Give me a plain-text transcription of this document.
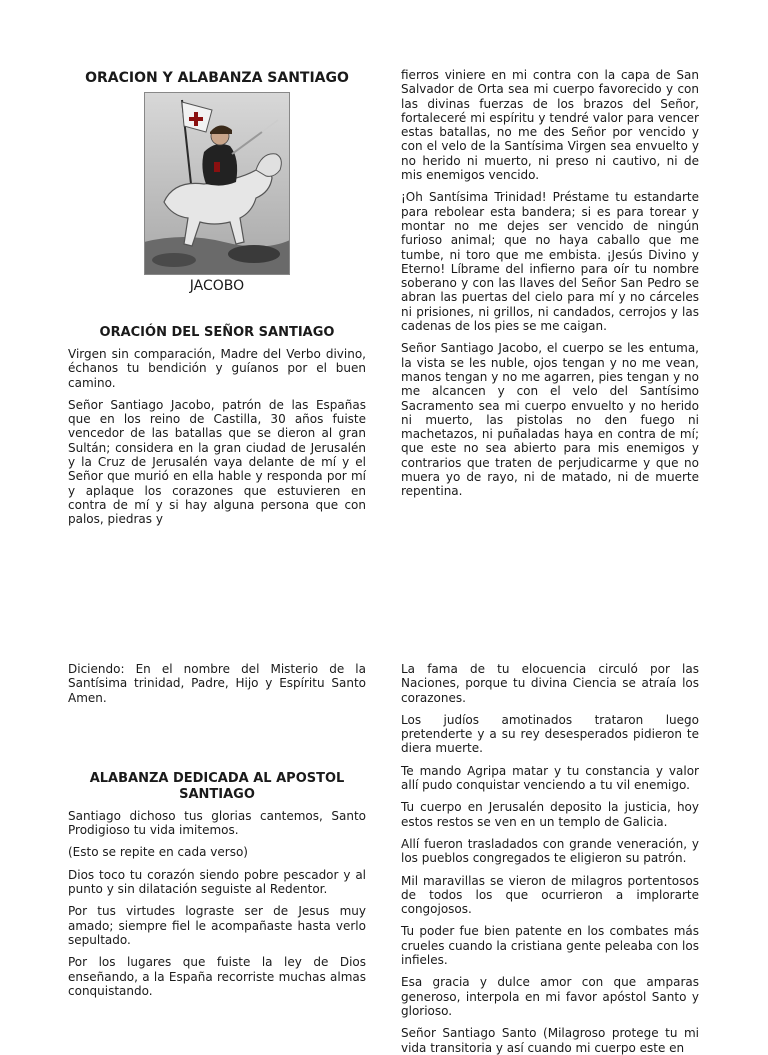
ORACION Y ALABANZA SANTIAGO
JACOBO
ORACIÓN DEL SEÑOR SANTIAGO

Virgen sin comparación, Madre del Verbo divino, échanos tu bendición y guíanos por el buen camino.

Señor Santiago Jacobo, patrón de las Españas que en los reino de Castilla, 30 años fuiste vencedor de las batallas que se dieron al gran Sultán; considera en la gran ciudad de Jerusalén y la Cruz de Jerusalén vaya delante de mí y el Señor que murió en ella hable y responda por mí y aplaque los corazones que estuvieren en contra de mí y si hay alguna persona que con palos, piedras y

fierros viniere en mi contra con la capa de San Salvador de Orta sea mi cuerpo favorecido y con las divinas fuerzas de los brazos del Señor, fortaleceré mi espíritu y tendré valor para vencer estas batallas, no me des Señor por vencido y con el velo de la Santísima Virgen sea envuelto y no herido ni muerto, ni preso ni cautivo, ni de mis enemigos vencido.

¡Oh Santísima Trinidad! Préstame tu estandarte para rebolear esta bandera; si es para torear y montar no me dejes ser vencido de ningún furioso animal; que no haya caballo que me tumbe, ni toro que me embista. ¡Jesús Divino y Eterno! Líbrame del infierno para oír tu nombre soberano y con las llaves del Señor San Pedro se abran las puertas del cielo para mí y no cárceles ni prisiones, ni grillos, ni candados, cerrojos y las cadenas de los pies se me caigan.

Señor Santiago Jacobo, el cuerpo se les entuma, la vista se les nuble, ojos tengan y no me vean, manos tengan y no me agarren, pies tengan y no me alcancen y con el velo del Santísimo Sacramento sea mi cuerpo envuelto y no herido ni muerto, las pistolas no den fuego ni machetazos, ni puñaladas haya en contra de mí; que este no sea abierto para mis enemigos y contrarios que traten de perjudicarme y que no muera yo de rayo, ni de matado, ni de muerte repentina.

Diciendo: En el nombre del Misterio de la Santísima trinidad, Padre, Hijo y Espíritu Santo Amen.

ALABANZA DEDICADA AL APOSTOL SANTIAGO

Santiago dichoso tus glorias cantemos, Santo Prodigioso tu vida imitemos.

(Esto se repite en cada verso)

Dios toco tu corazón siendo pobre pescador y al punto y sin dilatación seguiste al Redentor.

Por tus virtudes lograste ser de Jesus muy amado; siempre fiel le acompañaste hasta verlo sepultado.

Por los lugares que fuiste la ley de Dios enseñando, a la España recorriste muchas almas conquistando.

La fama de tu elocuencia circuló por las Naciones, porque tu divina Ciencia se atraía los corazones.

Los judíos amotinados trataron luego pretenderte y a su rey desesperados pidieron te diera muerte.

Te mando Agripa matar y tu constancia y valor allí pudo conquistar venciendo a tu vil enemigo.

Tu cuerpo en Jerusalén deposito la justicia, hoy estos restos se ven en un templo de Galicia.

Allí fueron trasladados con grande veneración, y los pueblos congregados te eligieron su patrón.

Mil maravillas se vieron de milagros portentosos de todos los que ocurrieron a implorarte congojosos.

Tu poder fue bien patente en los combates más crueles cuando la cristiana gente peleaba con los infieles.

Esa gracia y dulce amor con que amparas generoso, interpola en mi favor apóstol Santo y glorioso.

Señor Santiago Santo (Milagroso protege tu mi vida transitoria y así cuando mi cuerpo este en
